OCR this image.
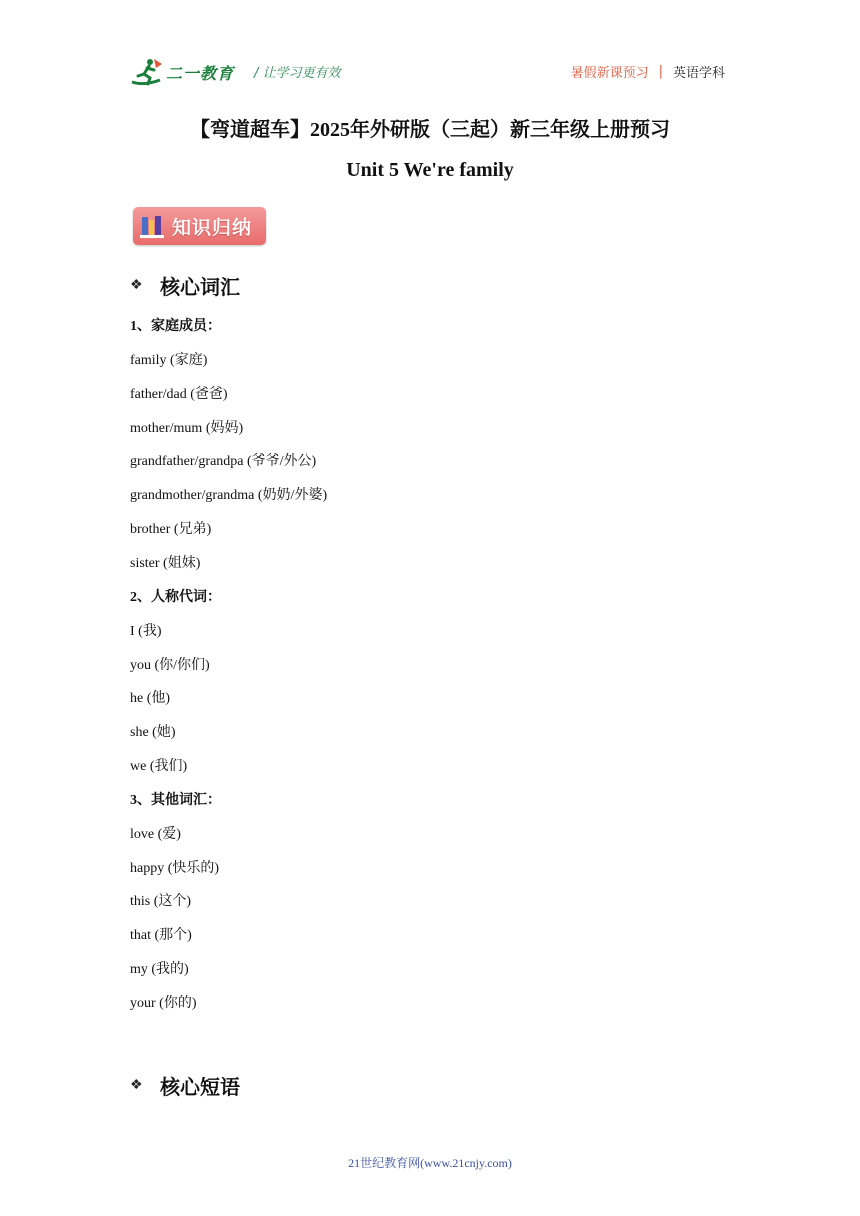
二一教育 / 让学习更有效	暑假新课预习 | 英语学科
【弯道超车】2025年外研版（三起）新三年级上册预习
Unit 5 We're family
知识归纳
❖ 核心词汇
1、家庭成员：
family (家庭)
father/dad (爸爸)
mother/mum (妈妈)
grandfather/grandpa (爷爷/外公)
grandmother/grandma (奶奶/外婆)
brother (兄弟)
sister (姐妹)
2、人称代词：
I (我)
you (你/你们)
he (他)
she (她)
we (我们)
3、其他词汇：
love (爱)
happy (快乐的)
this (这个)
that (那个)
my (我的)
your (你的)
❖ 核心短语
21世纪教育网(www.21cnjy.com)
